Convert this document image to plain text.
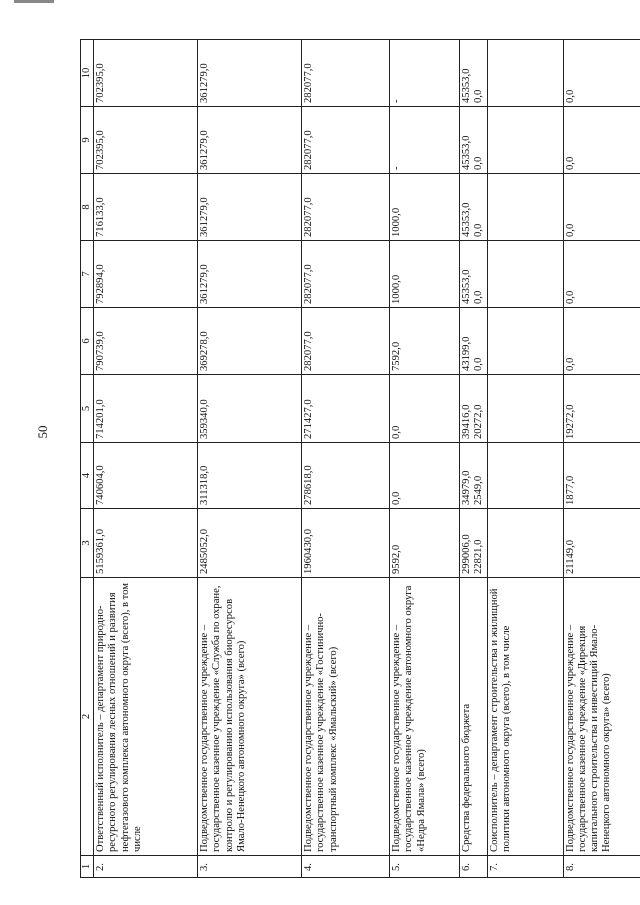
50
1	2	3	4	5	6	7	8	9	10
2.	Ответственный исполнитель – департамент природно-ресурсного регулирования лесных отношений и развития нефтегазового комплекса автономного округа (всего), в том числе	5159361,0	740604,0	714201,0	790739,0	792894,0	716133,0	702395,0	702395,0

3.	Подведомственное государственное учреждение – государственное казенное учреждение «Служба по охране, контролю и регулированию использования биоресурсов Ямало-Ненецкого автономного округа» (всего)	2485052,0	311318,0	359340,0	369278,0	361279,0	361279,0	361279,0	361279,0

4.	Подведомственное государственное учреждение – государственное казенное учреждение «Гостинично-транспортный комплекс «Ямальский» (всего)	1960430,0	278618,0	271427,0	282077,0	282077,0	282077,0	282077,0	282077,0

5.	Подведомственное государственное учреждение – государственное казенное учреждение автономного округа «Недра Ямала» (всего)	9592,0	0,0	0,0	7592,0	1000,0	1000,0	-	-

6.	Средства федерального бюджета	299006,0 22821,0	34979,0 2549,0	39416,0 20272,0	43199,0 0,0	45353,0 0,0	45353,0 0,0	45353,0 0,0	45353,0 0,0

7.	Соисполнитель – департамент строительства и жилищной политики автономного округа (всего), в том числе								
8.	Подведомственное государственное учреждение – государственное казенное учреждение «Дирекция капитального строительства и инвестиций Ямало-Ненецкого автономного округа» (всего)	21149,0	1877,0	19272,0	0,0	0,0	0,0	0,0	0,0
